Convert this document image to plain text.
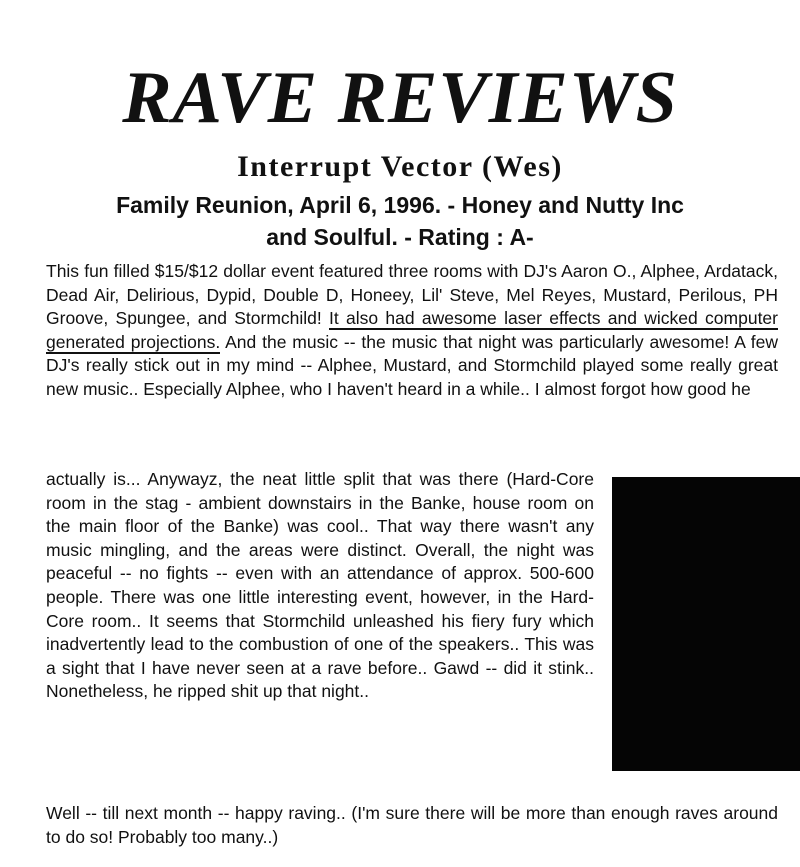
RAVE REVIEWS
Interrupt Vector (Wes)
Family Reunion, April 6, 1996. - Honey and Nutty Inc
and Soulful. - Rating : A-

This fun filled $15/$12 dollar event featured three rooms with DJ's Aaron O., Alphee, Ardatack, Dead Air, Delirious, Dypid, Double D, Honeey, Lil' Steve, Mel Reyes, Mustard, Perilous, PH Groove, Spungee, and Stormchild! It also had awesome laser effects and wicked computer generated projections. And the music -- the music that night was particularly awesome! A few DJ's really stick out in my mind -- Alphee, Mustard, and Stormchild played some really great new music.. Especially Alphee, who I haven't heard in a while.. I almost forgot how good he

actually is... Anywayz, the neat little split that was there (Hard-Core room in the stag - ambient downstairs in the Banke, house room on the main floor of the Banke) was cool.. That way there wasn't any music mingling, and the areas were distinct. Overall, the night was peaceful -- no fights -- even with an attendance of approx. 500-600 people. There was one little interesting event, however, in the Hard-Core room.. It seems that Stormchild unleashed his fiery fury which inadvertently lead to the combustion of one of the speakers.. This was a sight that I have never seen at a rave before.. Gawd -- did it stink.. Nonetheless, he ripped shit up that night..

Well -- till next month -- happy raving.. (I'm sure there will be more than enough raves around to do so! Probably too many..)
